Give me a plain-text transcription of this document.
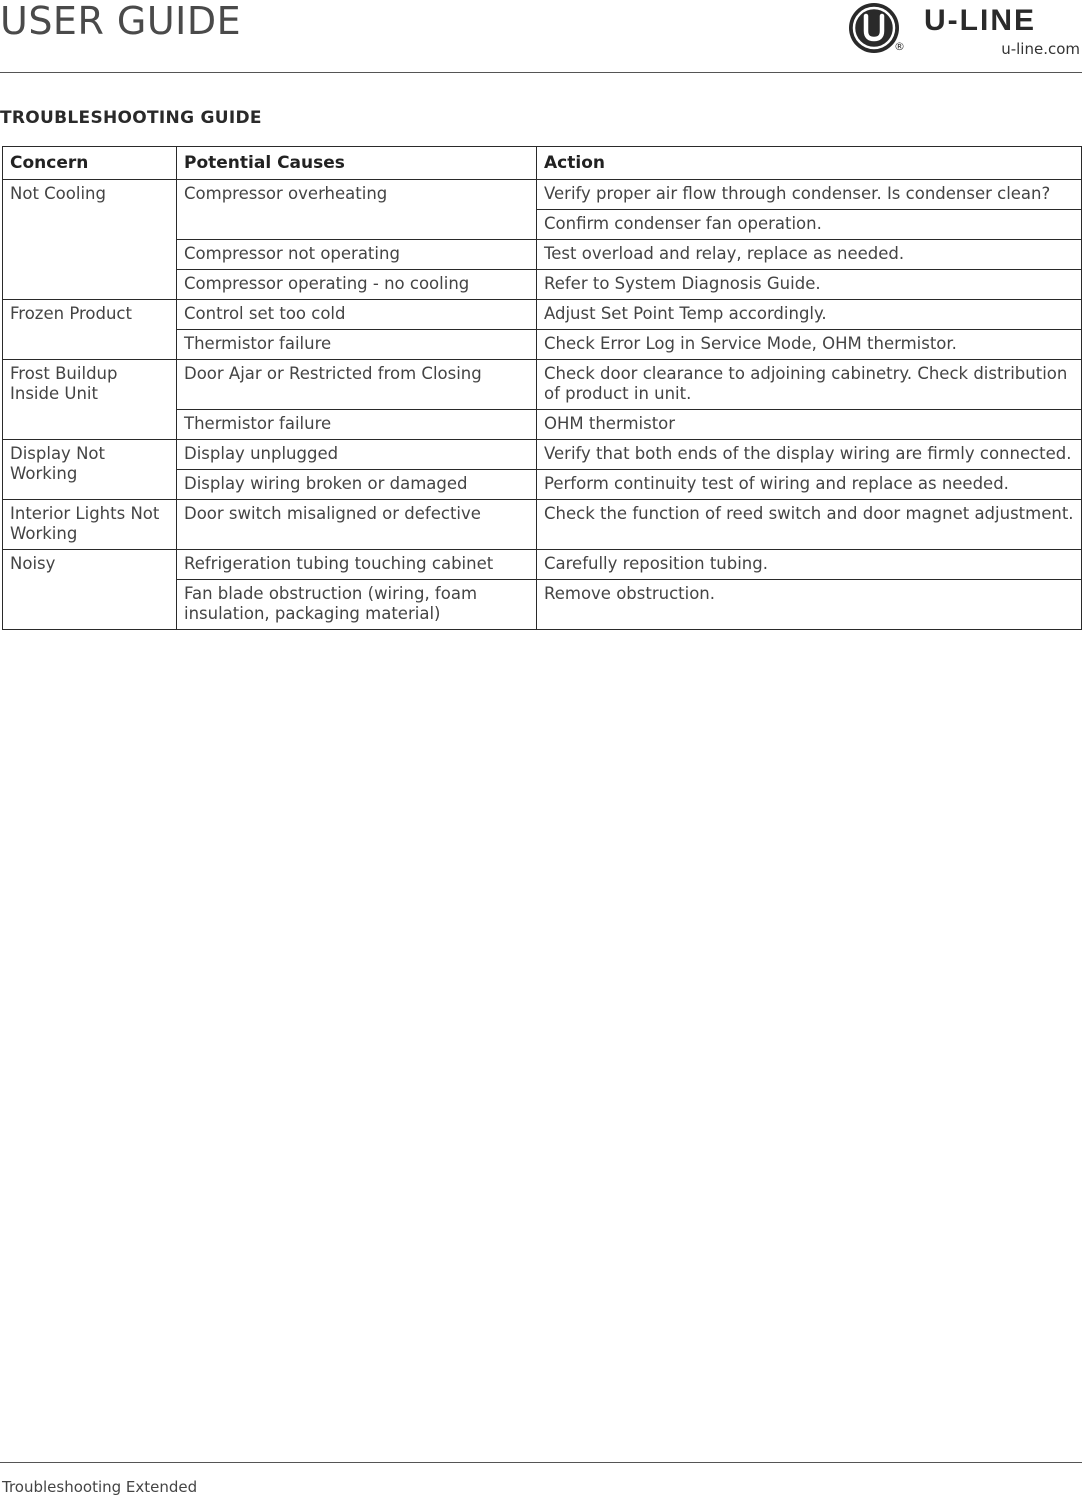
USER GUIDE
®
U-LINE
u-line.com
TROUBLESHOOTING GUIDE
Concern	Potential Causes	Action
Not Cooling	Compressor overheating	Verify proper air flow through condenser. Is condenser clean?
		Confirm condenser fan operation.
	Compressor not operating	Test overload and relay, replace as needed.
	Compressor operating - no cooling	Refer to System Diagnosis Guide.
Frozen Product	Control set too cold	Adjust Set Point Temp accordingly.
	Thermistor failure	Check Error Log in Service Mode, OHM thermistor.
Frost Buildup Inside Unit	Door Ajar or Restricted from Closing	Check door clearance to adjoining cabinetry. Check distribution of product in unit.
	Thermistor failure	OHM thermistor
Display Not Working	Display unplugged	Verify that both ends of the display wiring are firmly connected.
	Display wiring broken or damaged	Perform continuity test of wiring and replace as needed.
Interior Lights Not Working	Door switch misaligned or defective	Check the function of reed switch and door magnet adjustment.
Noisy	Refrigeration tubing touching cabinet	Carefully reposition tubing.
	Fan blade obstruction (wiring, foam insulation, packaging material)	Remove obstruction.
Troubleshooting Extended
